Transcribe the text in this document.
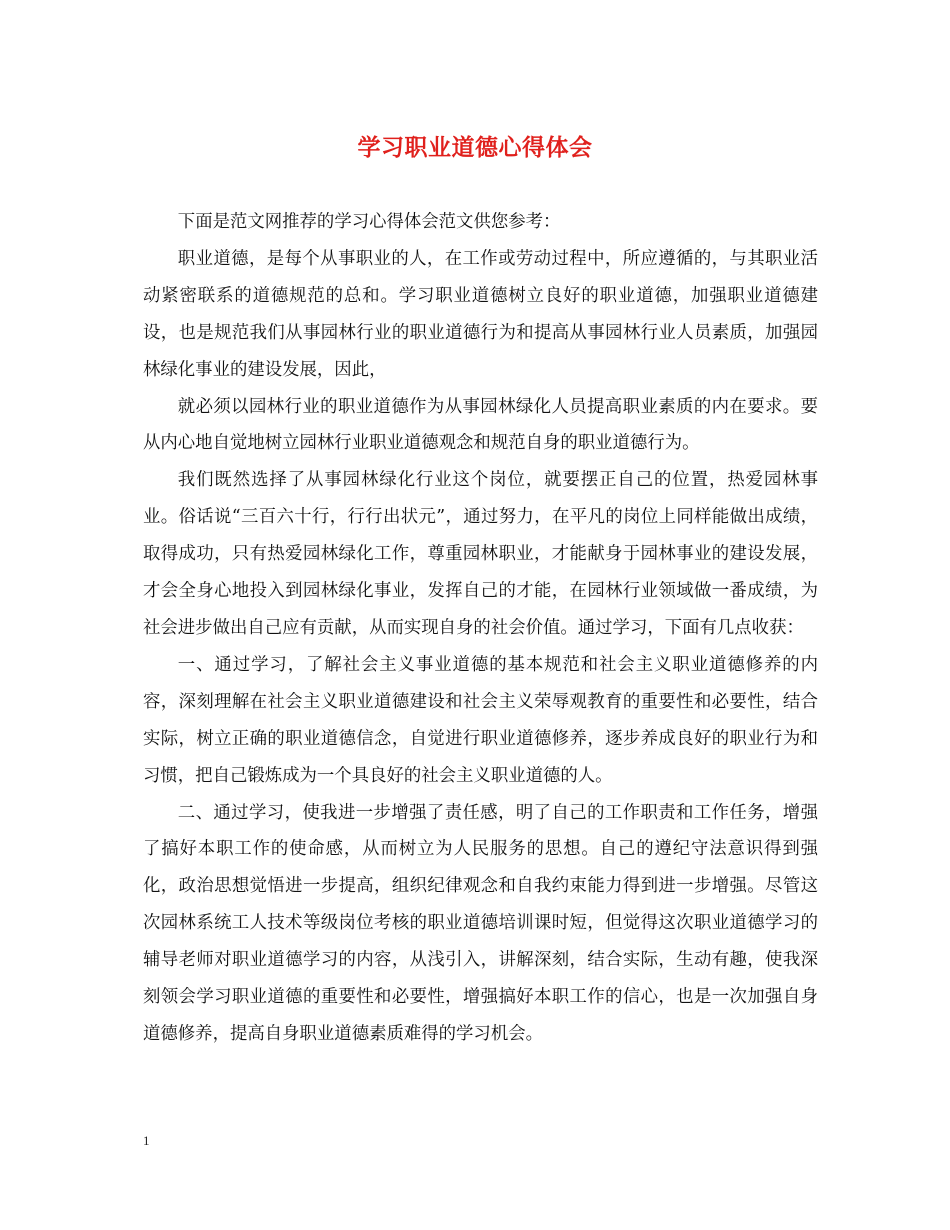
学习职业道德心得体会

下面是范文网推荐的学习心得体会范文供您参考：

职业道德，是每个从事职业的人，在工作或劳动过程中，所应遵循的，与其职业活动紧密联系的道德规范的总和。学习职业道德树立良好的职业道德，加强职业道德建设，也是规范我们从事园林行业的职业道德行为和提高从事园林行业人员素质，加强园林绿化事业的建设发展，因此，

就必须以园林行业的职业道德作为从事园林绿化人员提高职业素质的内在要求。要从内心地自觉地树立园林行业职业道德观念和规范自身的职业道德行为。

我们既然选择了从事园林绿化行业这个岗位，就要摆正自己的位置，热爱园林事业。俗话说“三百六十行，行行出状元”，通过努力，在平凡的岗位上同样能做出成绩，取得成功，只有热爱园林绿化工作，尊重园林职业，才能献身于园林事业的建设发展，才会全身心地投入到园林绿化事业，发挥自己的才能，在园林行业领域做一番成绩，为社会进步做出自己应有贡献，从而实现自身的社会价值。通过学习，下面有几点收获：

一、通过学习，了解社会主义事业道德的基本规范和社会主义职业道德修养的内容，深刻理解在社会主义职业道德建设和社会主义荣辱观教育的重要性和必要性，结合实际，树立正确的职业道德信念，自觉进行职业道德修养，逐步养成良好的职业行为和习惯，把自己锻炼成为一个具良好的社会主义职业道德的人。

二、通过学习，使我进一步增强了责任感，明了自己的工作职责和工作任务，增强了搞好本职工作的使命感，从而树立为人民服务的思想。自己的遵纪守法意识得到强化，政治思想觉悟进一步提高，组织纪律观念和自我约束能力得到进一步增强。尽管这次园林系统工人技术等级岗位考核的职业道德培训课时短，但觉得这次职业道德学习的辅导老师对职业道德学习的内容，从浅引入，讲解深刻，结合实际，生动有趣，使我深刻领会学习职业道德的重要性和必要性，增强搞好本职工作的信心，也是一次加强自身道德修养，提高自身职业道德素质难得的学习机会。

1
